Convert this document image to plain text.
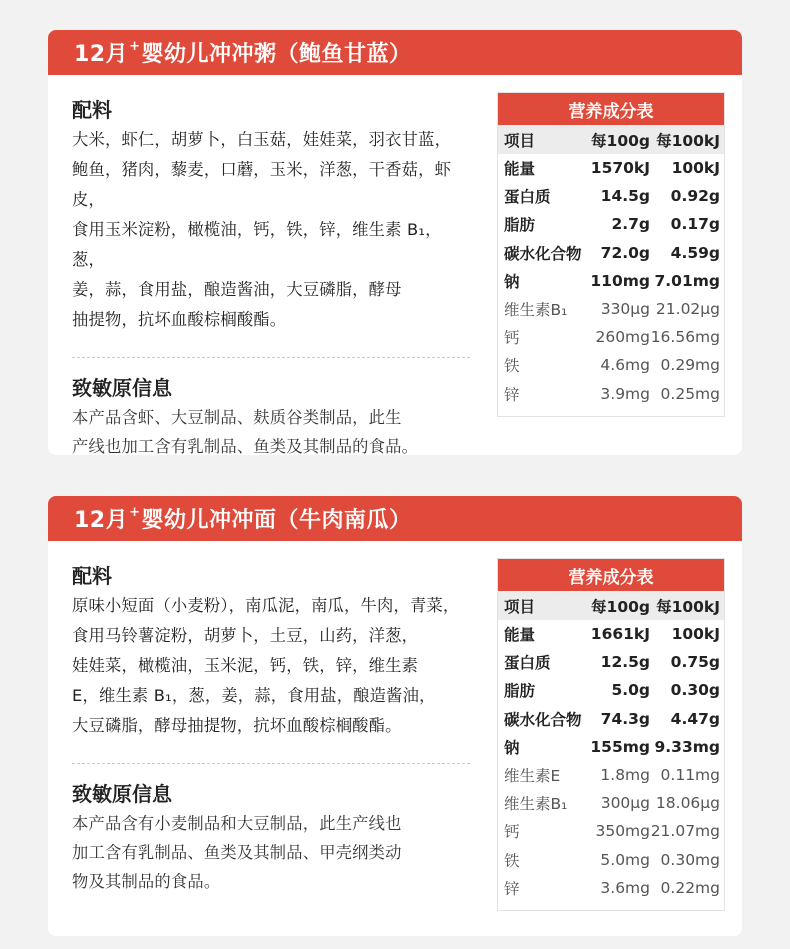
12月+ 婴幼儿冲冲粥（鲍鱼甘蓝）
配料
大米，虾仁，胡萝卜，白玉菇，娃娃菜，羽衣甘蓝，
鲍鱼，猪肉，藜麦，口蘑，玉米，洋葱，干香菇，虾皮，
食用玉米淀粉，橄榄油，钙，铁，锌，维生素 B₁，葱，
姜，蒜，食用盐，酿造酱油，大豆磷脂，酵母
抽提物，抗坏血酸棕榈酸酯。
致敏原信息
本产品含虾、大豆制品、麸质谷类制品，此生
产线也加工含有乳制品、鱼类及其制品的食品。
营养成分表
项目	每100g 每100kJ
能量	1570kJ	100kJ
蛋白质	14.5g	0.92g
脂肪	2.7g	0.17g
碳水化合物	72.0g	4.59g
钠	110mg 7.01mg
维生素B₁	330μg 21.02μg
钙	260mg 16.56mg
铁	4.6mg 0.29mg
锌	3.9mg 0.25mg
12月+ 婴幼儿冲冲面（牛肉南瓜）
配料
原味小短面（小麦粉），南瓜泥，南瓜，牛肉，青菜，
食用马铃薯淀粉，胡萝卜，土豆，山药，洋葱，
娃娃菜，橄榄油，玉米泥，钙，铁，锌，维生素
E，维生素 B₁，葱，姜，蒜，食用盐，酿造酱油，
大豆磷脂，酵母抽提物，抗坏血酸棕榈酸酯。
致敏原信息
本产品含有小麦制品和大豆制品，此生产线也
加工含有乳制品、鱼类及其制品、甲壳纲类动
物及其制品的食品。
营养成分表
项目	每100g 每100kJ
能量	1661kJ	100kJ
蛋白质	12.5g	0.75g
脂肪	5.0g	0.30g
碳水化合物	74.3g	4.47g
钠	155mg 9.33mg
维生素E	1.8mg 0.11mg
维生素B₁	300μg 18.06μg
钙	350mg 21.07mg
铁	5.0mg 0.30mg
锌	3.6mg 0.22mg
